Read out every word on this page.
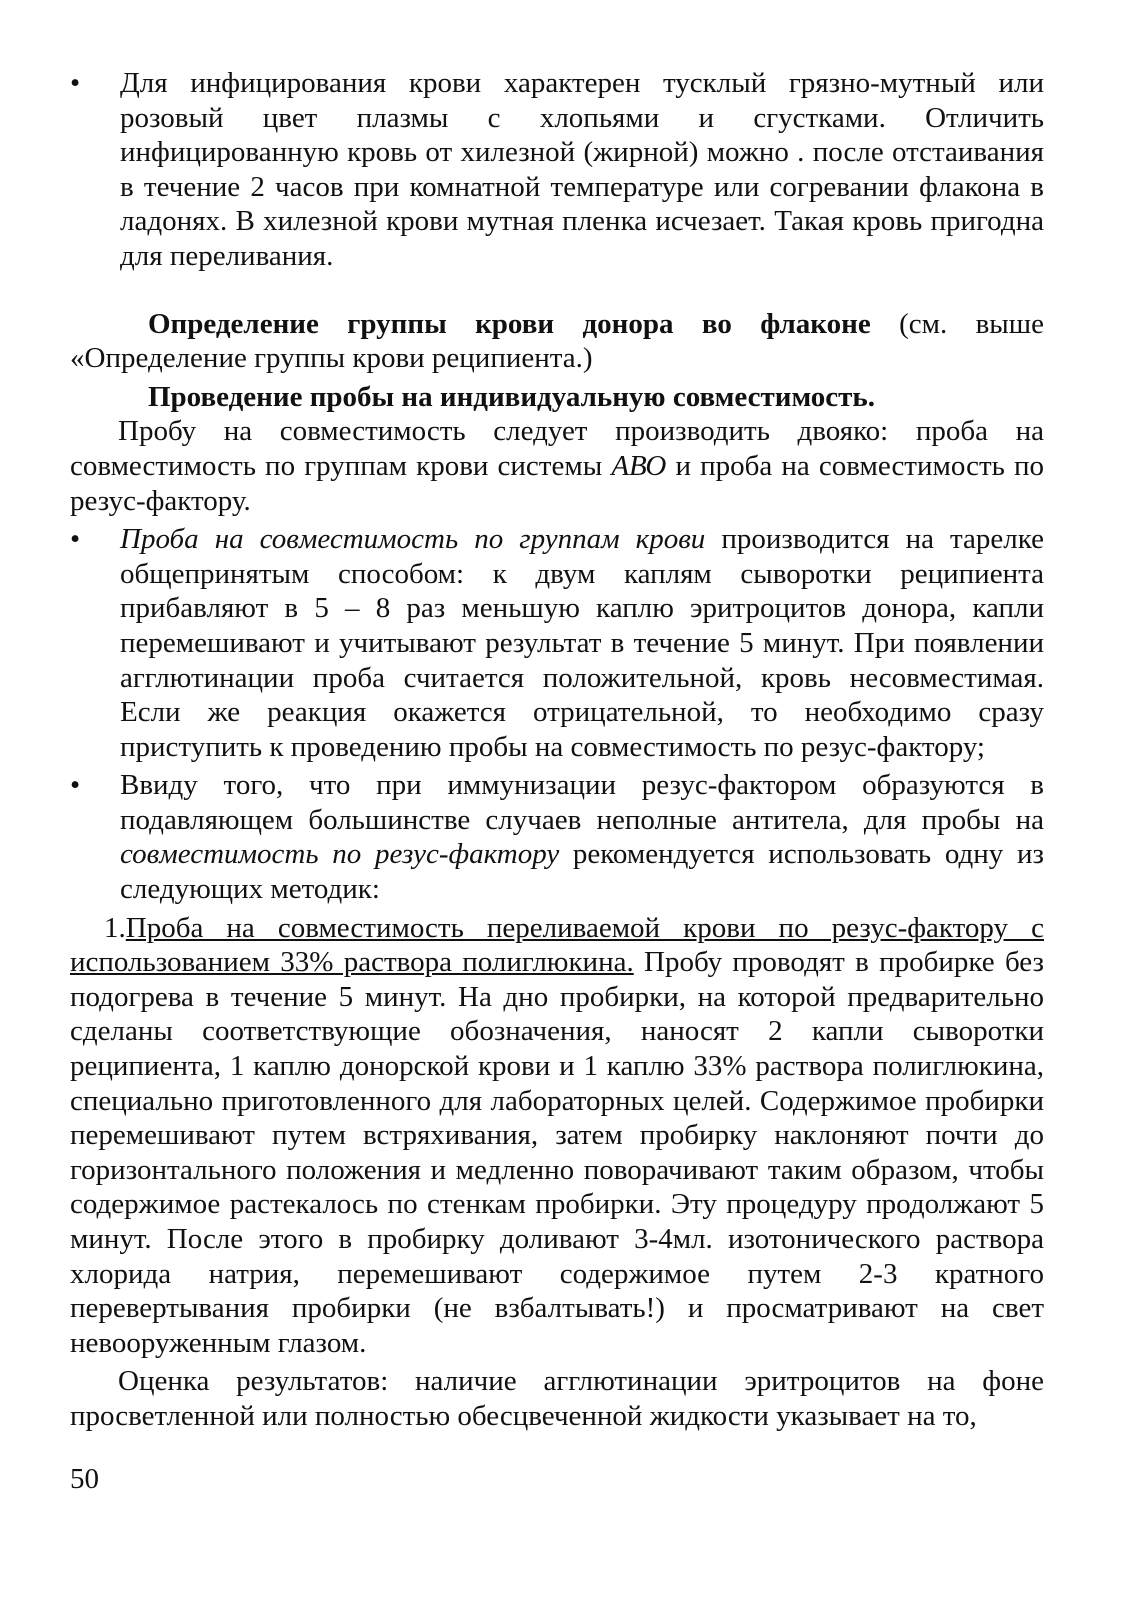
•	Для инфицирования крови характерен тусклый грязно-мутный или розовый цвет плазмы с хлопьями и сгустками. Отличить инфицированную кровь от хилезной (жирной) можно . после отстаивания в течение 2 часов при комнатной температуре или согревании флакона в ладонях. В хилезной крови мутная пленка исчезает. Такая кровь пригодна для переливания.

Определение группы крови донора во флаконе (см. выше «Определение группы крови реципиента.)

Проведение пробы на индивидуальную совместимость.

Пробу на совместимость следует производить двояко: проба на совместимость по группам крови системы АВО и проба на совместимость по резус-фактору.

•	Проба на совместимость по группам крови производится на тарелке общепринятым способом: к двум каплям сыворотки реципиента прибавляют в 5 – 8 раз меньшую каплю эритроцитов донора, капли перемешивают и учитывают результат в течение 5 минут. При появлении агглютинации проба считается положительной, кровь несовместимая. Если же реакция окажется отрицательной, то необходимо сразу приступить к проведению пробы на совместимость по резус-фактору;

•	Ввиду того, что при иммунизации резус-фактором образуются в подавляющем большинстве случаев неполные антитела, для пробы на совместимость по резус-фактору рекомендуется использовать одну из следующих методик:

1.Проба на совместимость переливаемой крови по резус-фактору с использованием 33% раствора полиглюкина. Пробу проводят в пробирке без подогрева в течение 5 минут. На дно пробирки, на которой предварительно сделаны соответствующие обозначения, наносят 2 капли сыворотки реципиента, 1 каплю донорской крови и 1 каплю 33% раствора полиглюкина, специально приготовленного для лабораторных целей. Содержимое пробирки перемешивают путем встряхивания, затем пробирку наклоняют почти до горизонтального положения и медленно поворачивают таким образом, чтобы содержимое растекалось по стенкам пробирки. Эту процедуру продолжают 5 минут. После этого в пробирку доливают 3-4мл. изотонического раствора хлорида натрия, перемешивают содержимое путем 2-3 кратного перевертывания пробирки (не взбалтывать!) и просматривают на свет невооруженным глазом.

Оценка результатов: наличие агглютинации эритроцитов на фоне просветленной или полностью обесцвеченной жидкости указывает на то,

50
